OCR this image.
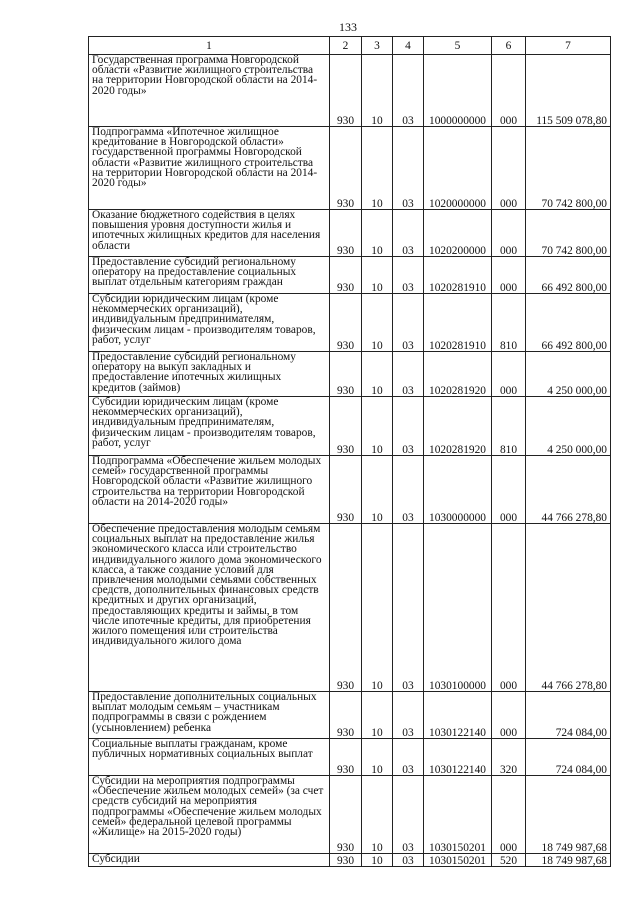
133
1	2	3	4	5	6	7
Государственная программа Новгородской области «Развитие жилищного строительства на территории Новгородской области на 2014-2020 годы»	930	10	03	1000000000	000	115 509 078,80
Подпрограмма «Ипотечное жилищное кредитование в Новгородской области» государственной программы Новгородской области «Развитие жилищного строительства на территории Новгородской области на 2014-2020 годы»	930	10	03	1020000000	000	70 742 800,00
Оказание бюджетного содействия в целях повышения уровня доступности жилья и ипотечных жилищных кредитов для населения области	930	10	03	1020200000	000	70 742 800,00
Предоставление субсидий региональному оператору на предоставление социальных выплат отдельным категориям граждан	930	10	03	1020281910	000	66 492 800,00
Субсидии юридическим лицам (кроме некоммерческих организаций), индивидуальным предпринимателям, физическим лицам - производителям товаров, работ, услуг	930	10	03	1020281910	810	66 492 800,00
Предоставление субсидий региональному оператору на выкуп закладных и предоставление ипотечных жилищных кредитов (займов)	930	10	03	1020281920	000	4 250 000,00
Субсидии юридическим лицам (кроме некоммерческих организаций), индивидуальным предпринимателям, физическим лицам - производителям товаров, работ, услуг	930	10	03	1020281920	810	4 250 000,00
Подпрограмма «Обеспечение жильем молодых семей» государственной программы Новгородской области «Развитие жилищного строительства на территории Новгородской области на 2014-2020 годы»	930	10	03	1030000000	000	44 766 278,80
Обеспечение предоставления молодым семьям социальных выплат на предоставление жилья экономического класса или строительство индивидуального жилого дома экономического класса, а также создание условий для привлечения молодыми семьями собственных средств, дополнительных финансовых средств кредитных и других организаций, предоставляющих кредиты и займы, в том числе ипотечные кредиты, для приобретения жилого помещения или строительства индивидуального жилого дома	930	10	03	1030100000	000	44 766 278,80
Предоставление дополнительных социальных выплат молодым семьям – участникам подпрограммы в связи с рождением (усыновлением) ребенка	930	10	03	1030122140	000	724 084,00
Социальные выплаты гражданам, кроме публичных нормативных социальных выплат	930	10	03	1030122140	320	724 084,00
Субсидии на мероприятия подпрограммы «Обеспечение жильем молодых семей» (за счет средств субсидий на мероприятия подпрограммы «Обеспечение жильем молодых семей» федеральной целевой программы «Жилище» на 2015-2020 годы)	930	10	03	1030150201	000	18 749 987,68
Субсидии	930	10	03	1030150201	520	18 749 987,68
